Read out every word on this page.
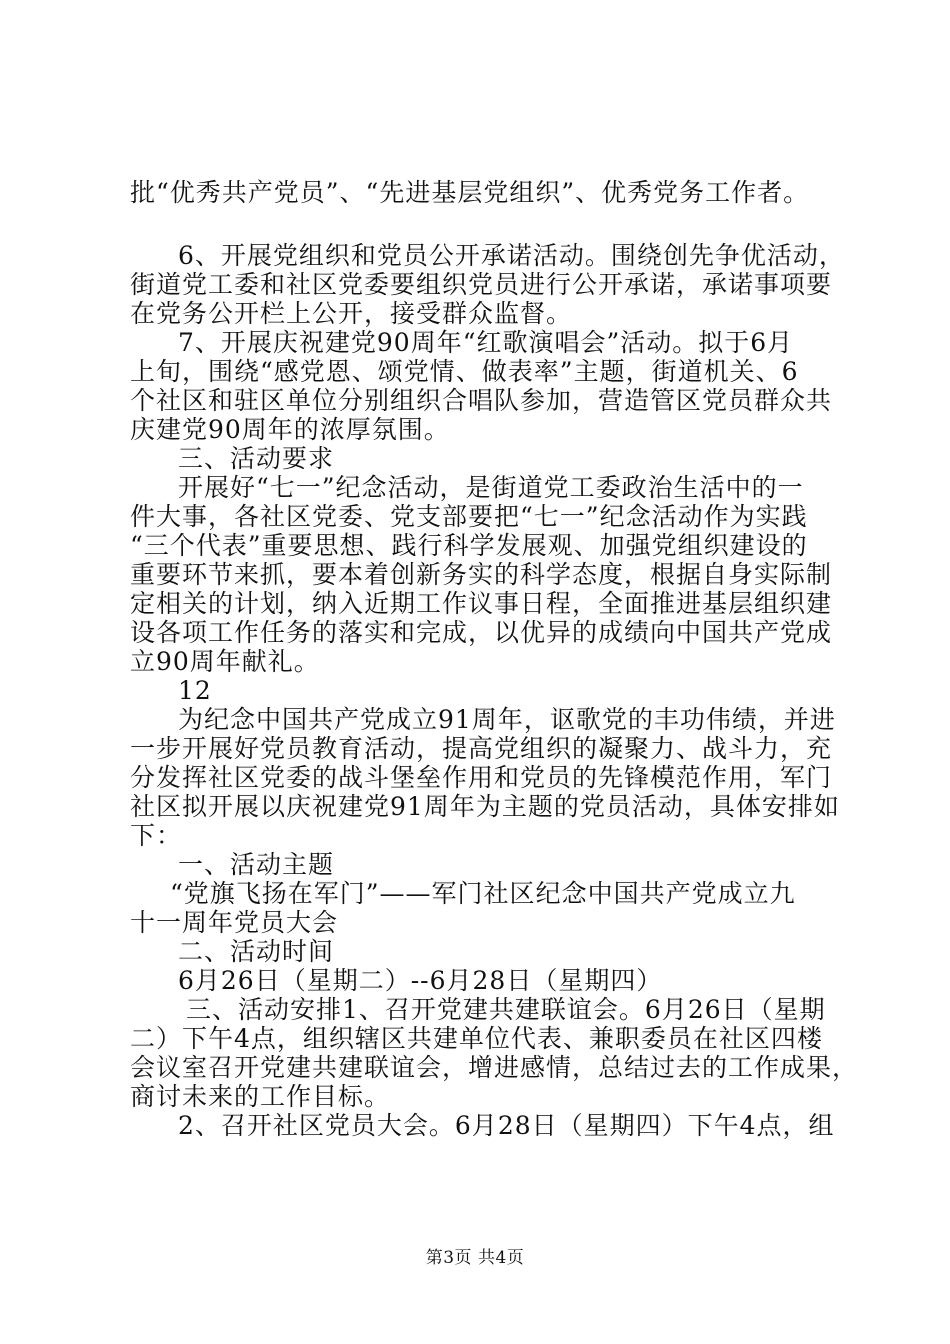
批“优秀共产党员”、“先进基层党组织”、优秀党务工作者。
6、开展党组织和党员公开承诺活动。围绕创先争优活动，
街道党工委和社区党委要组织党员进行公开承诺，承诺事项要
在党务公开栏上公开，接受群众监督。
7、开展庆祝建党90周年“红歌演唱会”活动。拟于6月
上旬，围绕“感党恩、颂党情、做表率”主题，街道机关、6
个社区和驻区单位分别组织合唱队参加，营造管区党员群众共
庆建党90周年的浓厚氛围。
三、活动要求
开展好“七一”纪念活动，是街道党工委政治生活中的一
件大事，各社区党委、党支部要把“七一”纪念活动作为实践
“三个代表”重要思想、践行科学发展观、加强党组织建设的
重要环节来抓，要本着创新务实的科学态度，根据自身实际制
定相关的计划，纳入近期工作议事日程，全面推进基层组织建
设各项工作任务的落实和完成，以优异的成绩向中国共产党成
立90周年献礼。
12
为纪念中国共产党成立91周年，讴歌党的丰功伟绩，并进
一步开展好党员教育活动，提高党组织的凝聚力、战斗力，充
分发挥社区党委的战斗堡垒作用和党员的先锋模范作用，军门
社区拟开展以庆祝建党91周年为主题的党员活动，具体安排如
下：
一、活动主题
“党旗飞扬在军门”——军门社区纪念中国共产党成立九
十一周年党员大会
二、活动时间
6月26日（星期二）--6月28日（星期四）
三、活动安排1、召开党建共建联谊会。6月26日（星期
二）下午4点，组织辖区共建单位代表、兼职委员在社区四楼
会议室召开党建共建联谊会，增进感情，总结过去的工作成果，
商讨未来的工作目标。
2、召开社区党员大会。6月28日（星期四）下午4点，组
第3页 共4页
